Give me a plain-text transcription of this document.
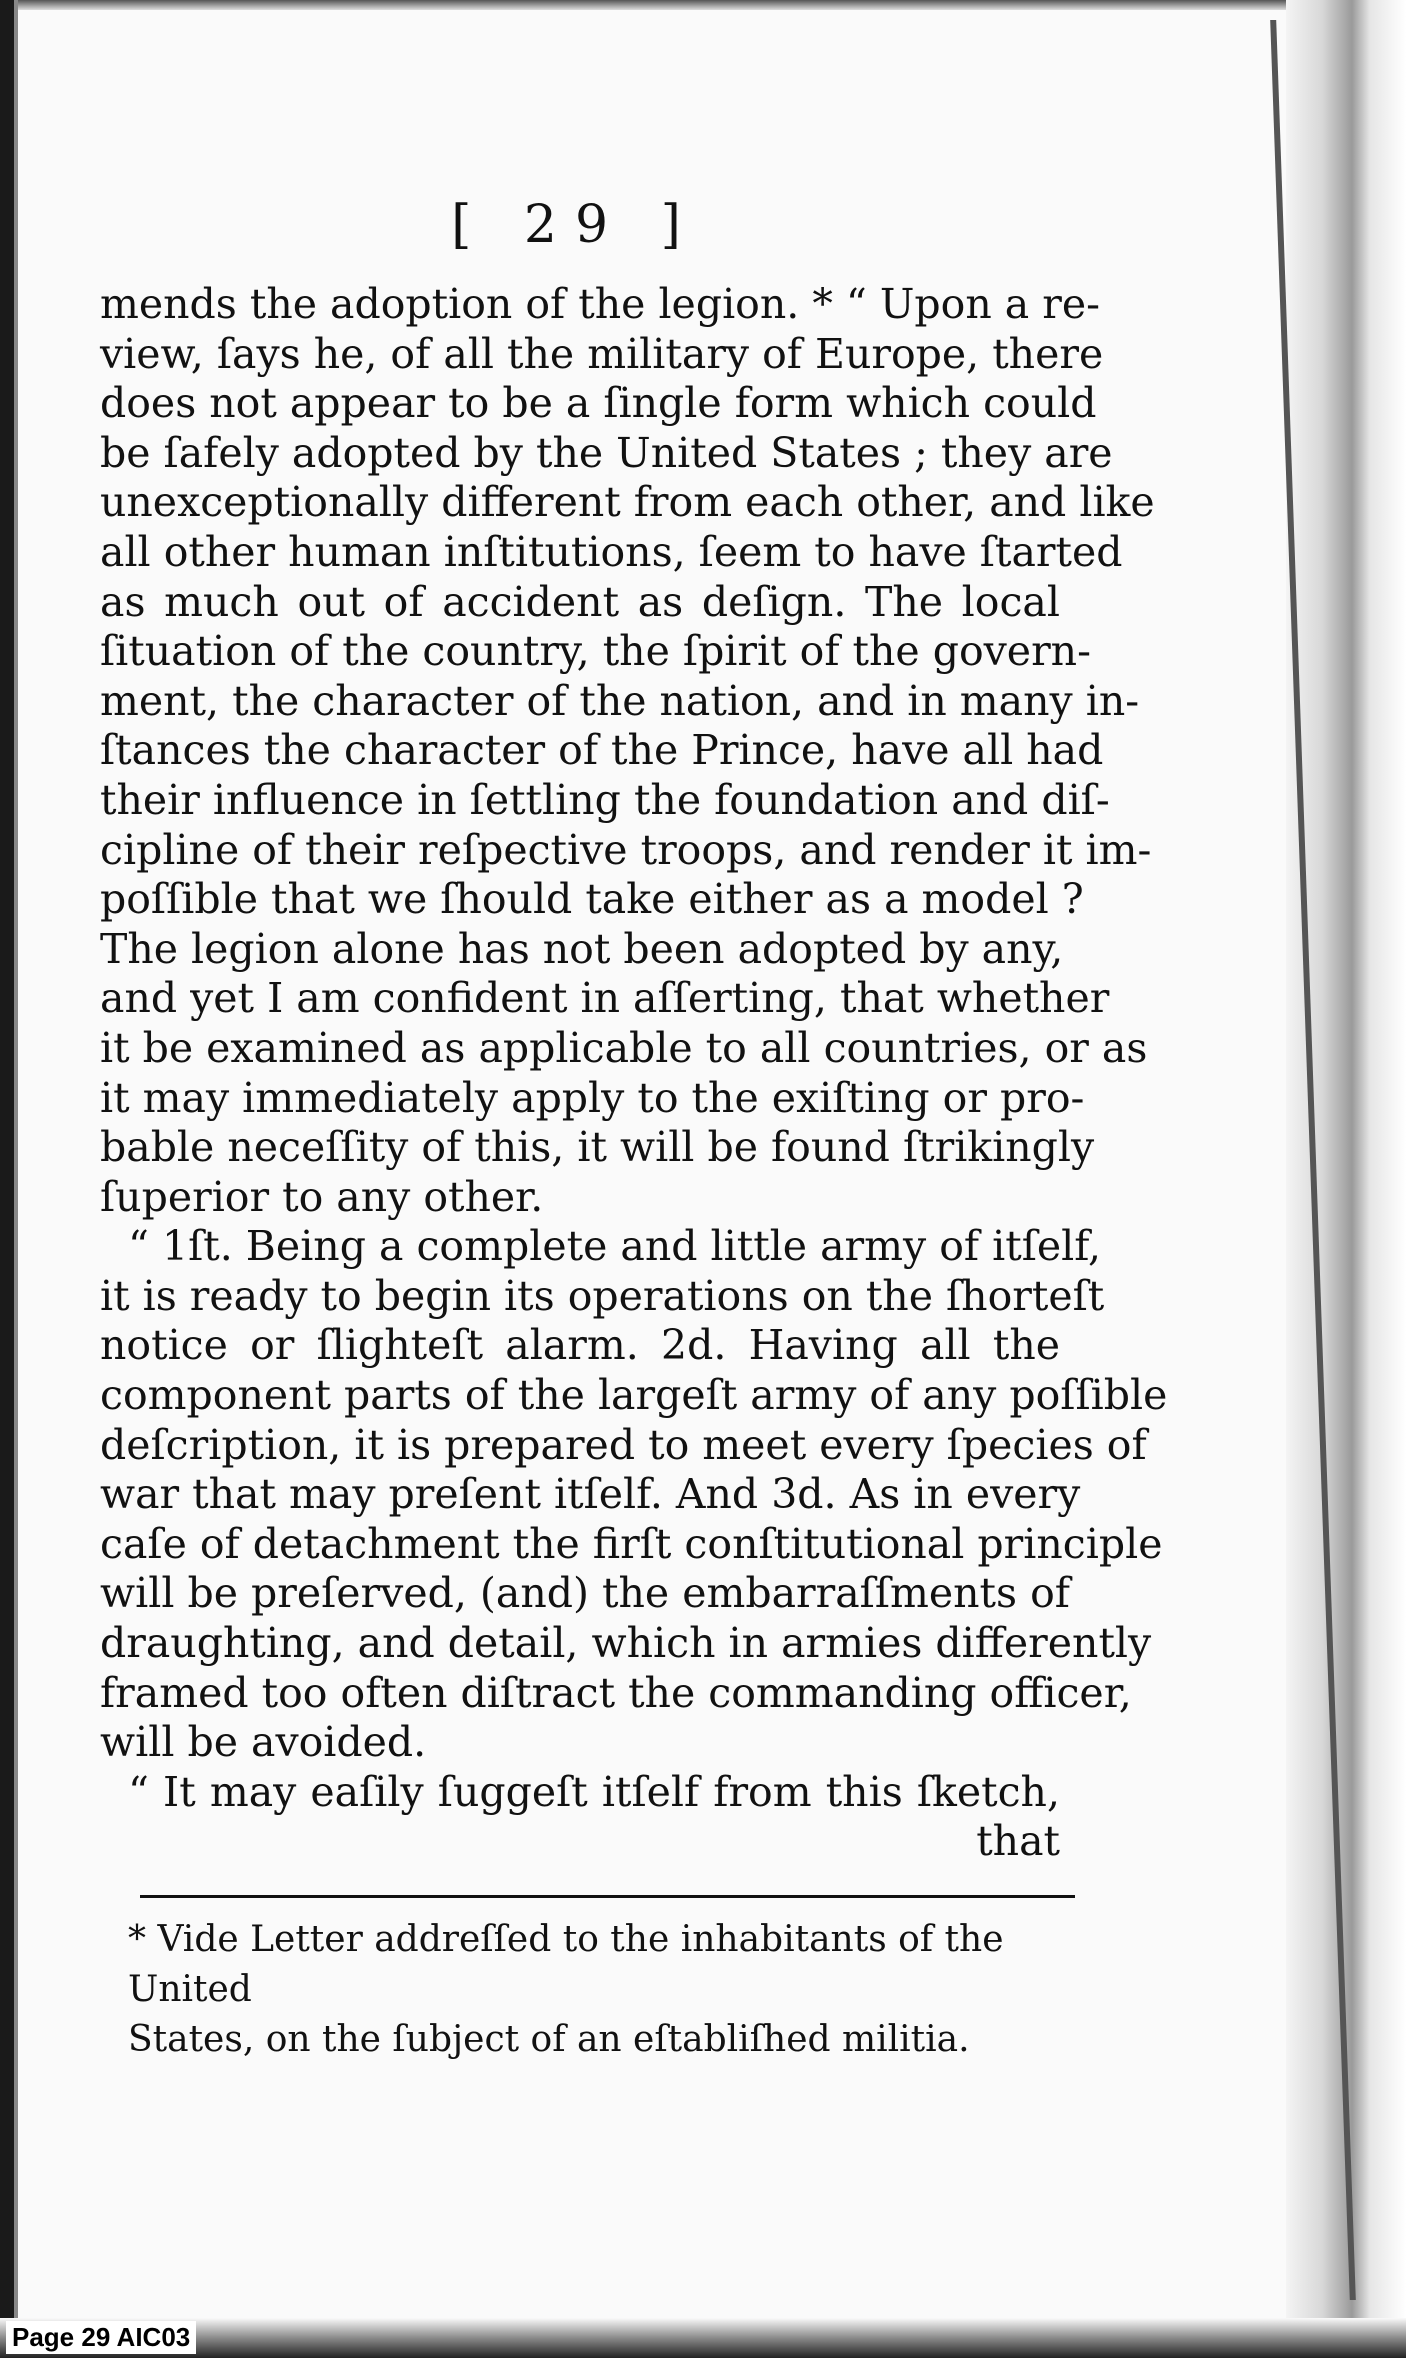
[ 29 ]
mends the adoption of the legion. * “ Upon a re-
view, ſays he, of all the military of Europe, there
does not appear to be a ſingle form which could
be ſafely adopted by the United States ; they are
unexceptionally different from each other, and like
all other human inſtitutions, ſeem to have ſtarted
as much out of accident as deſign. The local
ſituation of the country, the ſpirit of the govern-
ment, the character of the nation, and in many in-
ſtances the character of the Prince, have all had
their influence in ſettling the foundation and diſ-
cipline of their reſpective troops, and render it im-
poſſible that we ſhould take either as a model ?
The legion alone has not been adopted by any,
and yet I am confident in aſſerting, that whether
it be examined as applicable to all countries, or as
it may immediately apply to the exiſting or pro-
bable neceſſity of this, it will be found ſtrikingly
ſuperior to any other.
“ 1ſt. Being a complete and little army of itſelf,
it is ready to begin its operations on the ſhorteſt
notice or ſlighteſt alarm. 2d. Having all the
component parts of the largeſt army of any poſſible
deſcription, it is prepared to meet every ſpecies of
war that may preſent itſelf. And 3d. As in every
caſe of detachment the firſt conſtitutional principle
will be preſerved, (and) the embarraſſments of
draughting, and detail, which in armies differently
framed too often diſtract the commanding officer,
will be avoided.
“ It may eaſily ſuggeſt itſelf from this ſketch,
that
* Vide Letter addreſſed to the inhabitants of the United
States, on the ſubject of an eſtabliſhed militia.
Page 29 AIC03
